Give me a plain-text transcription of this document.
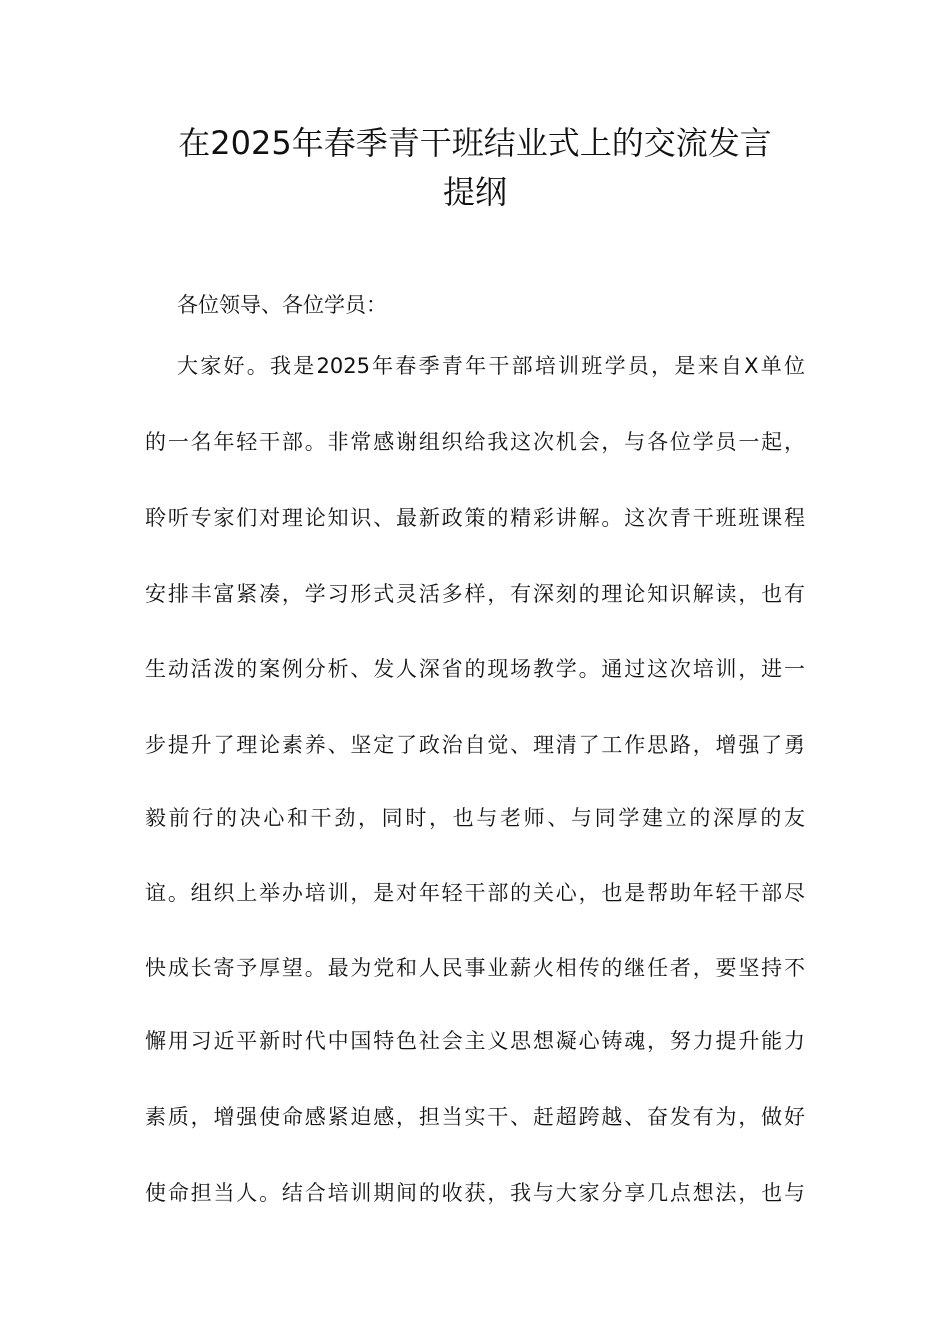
在2025年春季青干班结业式上的交流发言
提纲
各位领导、各位学员：
大家好。我是2025年春季青年干部培训班学员，是来自X单位
的一名年轻干部。非常感谢组织给我这次机会，与各位学员一起，
聆听专家们对理论知识、最新政策的精彩讲解。这次青干班班课程
安排丰富紧凑，学习形式灵活多样，有深刻的理论知识解读，也有
生动活泼的案例分析、发人深省的现场教学。通过这次培训，进一
步提升了理论素养、坚定了政治自觉、理清了工作思路，增强了勇
毅前行的决心和干劲，同时，也与老师、与同学建立的深厚的友
谊。组织上举办培训，是对年轻干部的关心，也是帮助年轻干部尽
快成长寄予厚望。最为党和人民事业薪火相传的继任者，要坚持不
懈用习近平新时代中国特色社会主义思想凝心铸魂，努力提升能力
素质，增强使命感紧迫感，担当实干、赶超跨越、奋发有为，做好
使命担当人。结合培训期间的收获，我与大家分享几点想法，也与
